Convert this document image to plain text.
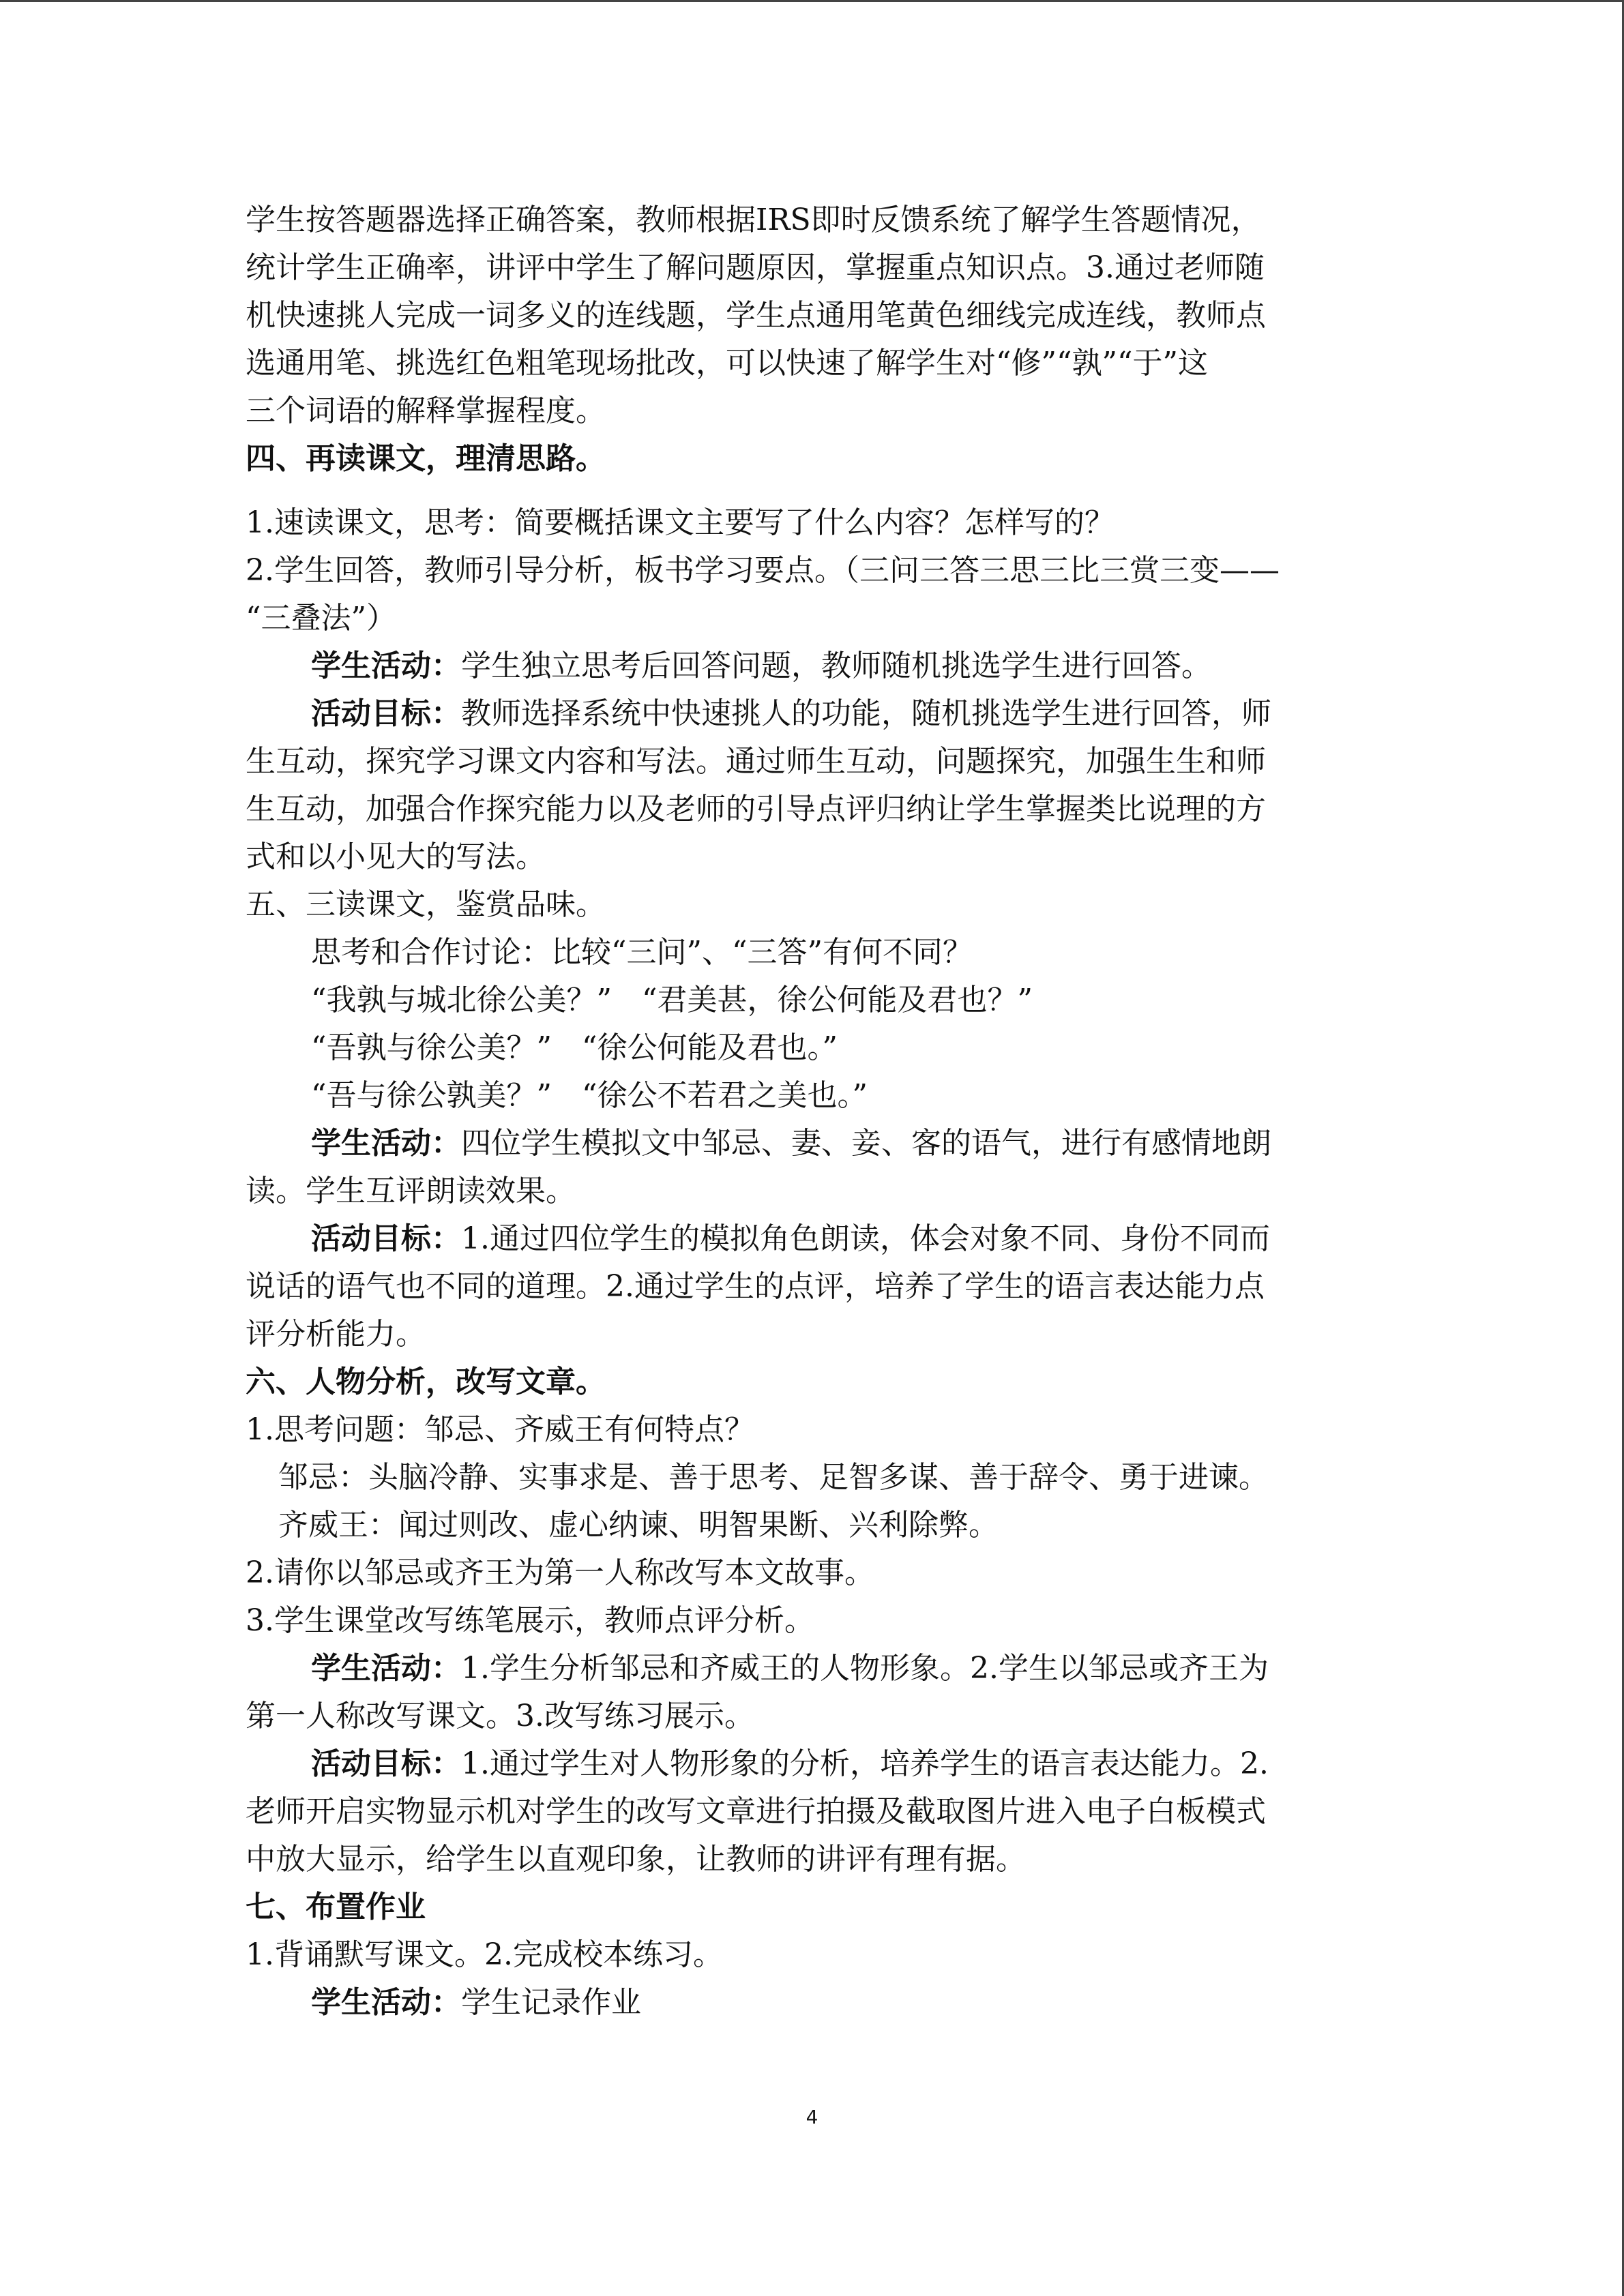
学生按答题器选择正确答案，教师根据IRS即时反馈系统了解学生答题情况，
统计学生正确率，讲评中学生了解问题原因，掌握重点知识点。3.通过老师随
机快速挑人完成一词多义的连线题，学生点通用笔黄色细线完成连线，教师点
选通用笔、挑选红色粗笔现场批改，可以快速了解学生对“修”“孰”“于”这
三个词语的解释掌握程度。
四、再读课文，理清思路。
1.速读课文，思考：简要概括课文主要写了什么内容？怎样写的？
2.学生回答，教师引导分析，板书学习要点。（三问三答三思三比三赏三变——
“三叠法”）
学生活动：学生独立思考后回答问题，教师随机挑选学生进行回答。
活动目标：教师选择系统中快速挑人的功能，随机挑选学生进行回答，师
生互动，探究学习课文内容和写法。通过师生互动，问题探究，加强生生和师
生互动，加强合作探究能力以及老师的引导点评归纳让学生掌握类比说理的方
式和以小见大的写法。
五、三读课文，鉴赏品味。
思考和合作讨论：比较“三问”、“三答”有何不同？
“我孰与城北徐公美？”　“君美甚，徐公何能及君也？”
“吾孰与徐公美？”　“徐公何能及君也。”
“吾与徐公孰美？”　“徐公不若君之美也。”
学生活动：四位学生模拟文中邹忌、妻、妾、客的语气，进行有感情地朗
读。学生互评朗读效果。
活动目标：1.通过四位学生的模拟角色朗读，体会对象不同、身份不同而
说话的语气也不同的道理。2.通过学生的点评，培养了学生的语言表达能力点
评分析能力。
六、人物分析，改写文章。
1.思考问题：邹忌、齐威王有何特点？
邹忌：头脑冷静、实事求是、善于思考、足智多谋、善于辞令、勇于进谏。
齐威王：闻过则改、虚心纳谏、明智果断、兴利除弊。
2.请你以邹忌或齐王为第一人称改写本文故事。
3.学生课堂改写练笔展示，教师点评分析。
学生活动：1.学生分析邹忌和齐威王的人物形象。2.学生以邹忌或齐王为
第一人称改写课文。3.改写练习展示。
活动目标：1.通过学生对人物形象的分析，培养学生的语言表达能力。2.
老师开启实物显示机对学生的改写文章进行拍摄及截取图片进入电子白板模式
中放大显示，给学生以直观印象，让教师的讲评有理有据。
七、布置作业
1.背诵默写课文。2.完成校本练习。
学生活动：学生记录作业
4
